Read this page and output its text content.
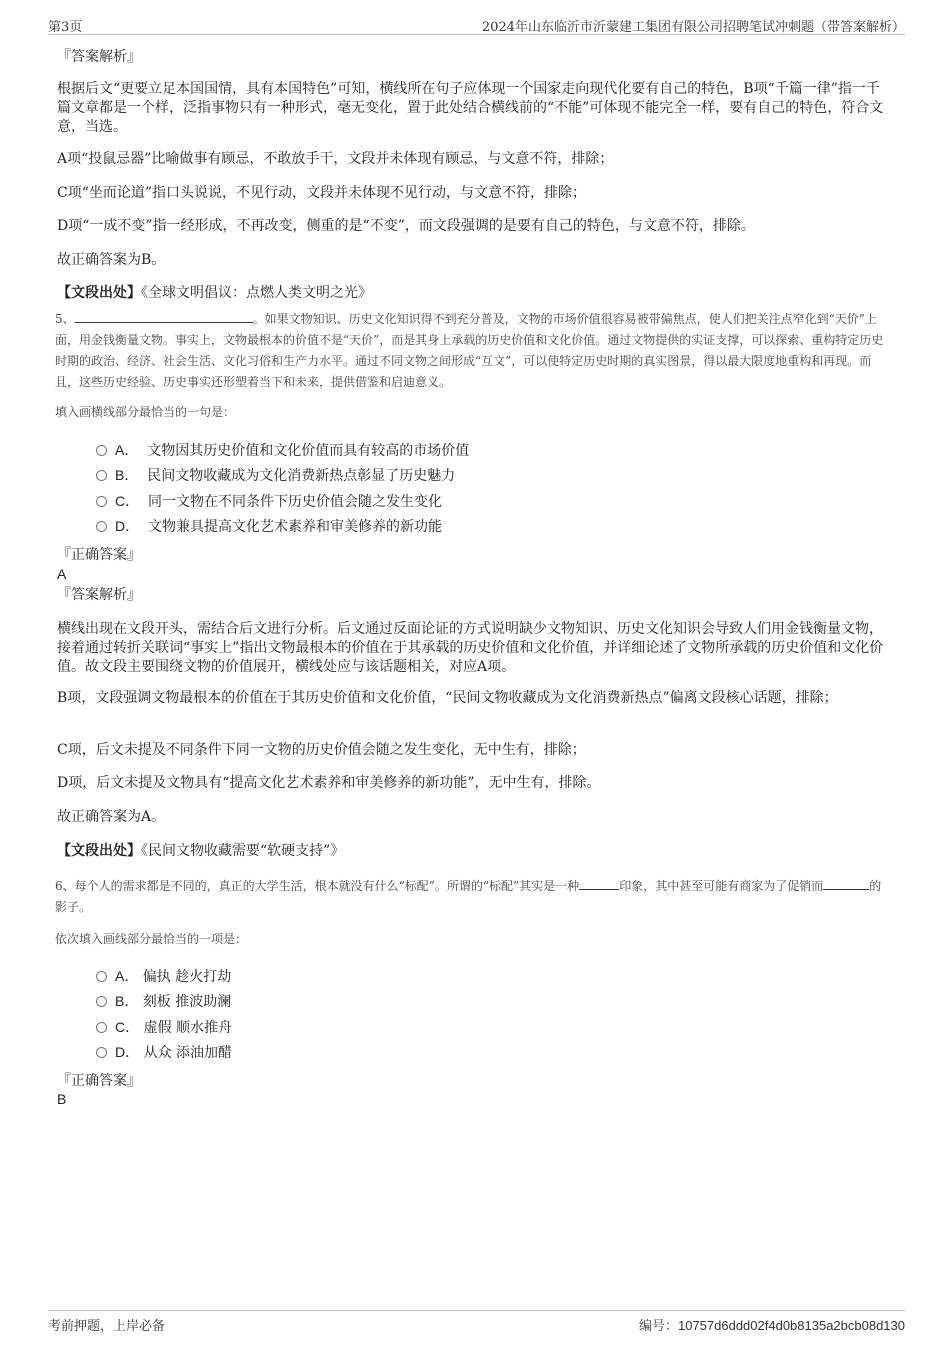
第3页	2024年山东临沂市沂蒙建工集团有限公司招聘笔试冲刺题（带答案解析）
『答案解析』
根据后文“更要立足本国国情，具有本国特色”可知，横线所在句子应体现一个国家走向现代化要有自己的特色，B项“千篇一律”指一千篇文章都是一个样，泛指事物只有一种形式，毫无变化，置于此处结合横线前的“不能”可体现不能完全一样，要有自己的特色，符合文意，当选。
A项“投鼠忌器”比喻做事有顾忌，不敢放手干，文段并未体现有顾忌，与文意不符，排除；
C项“坐而论道”指口头说说，不见行动，文段并未体现不见行动，与文意不符，排除；
D项“一成不变”指一经形成，不再改变，侧重的是“不变”，而文段强调的是要有自己的特色，与文意不符，排除。
故正确答案为B。
【文段出处】《全球文明倡议：点燃人类文明之光》
5、	。如果文物知识、历史文化知识得不到充分普及，文物的市场价值很容易被带偏焦点，使人们把关注点窄化到“天价”上面，用金钱衡量文物。事实上，文物最根本的价值不是“天价”，而是其身上承载的历史价值和文化价值。通过文物提供的实证支撑，可以探索、重构特定历史时期的政治、经济、社会生活、文化习俗和生产力水平。通过不同文物之间形成“互文”，可以使特定历史时期的真实图景，得以最大限度地重构和再现。而且，这些历史经验、历史事实还形塑着当下和未来，提供借鉴和启迪意义。
填入画横线部分最恰当的一句是：
A． 文物因其历史价值和文化价值而具有较高的市场价值
B． 民间文物收藏成为文化消费新热点彰显了历史魅力
C． 同一文物在不同条件下历史价值会随之发生变化
D． 文物兼具提高文化艺术素养和审美修养的新功能
『正确答案』
A
『答案解析』
横线出现在文段开头，需结合后文进行分析。后文通过反面论证的方式说明缺少文物知识、历史文化知识会导致人们用金钱衡量文物，接着通过转折关联词“事实上”指出文物最根本的价值在于其承载的历史价值和文化价值，并详细论述了文物所承载的历史价值和文化价值。故文段主要围绕文物的价值展开，横线处应与该话题相关，对应A项。
B项，文段强调文物最根本的价值在于其历史价值和文化价值，“民间文物收藏成为文化消费新热点”偏离文段核心话题，排除；
C项，后文未提及不同条件下同一文物的历史价值会随之发生变化，无中生有，排除；
D项，后文未提及文物具有“提高文化艺术素养和审美修养的新功能”，无中生有，排除。
故正确答案为A。
【文段出处】《民间文物收藏需要“软硬支持”》
6、每个人的需求都是不同的，真正的大学生活，根本就没有什么“标配”。所谓的“标配”其实是一种	印象，其中甚至可能有商家为了促销而	的影子。
依次填入画线部分最恰当的一项是：
A． 偏执 趁火打劫
B． 刻板 推波助澜
C． 虚假 顺水推舟
D． 从众 添油加醋
『正确答案』
B
考前押题，上岸必备	编号：10757d6ddd02f4d0b8135a2bcb08d130
